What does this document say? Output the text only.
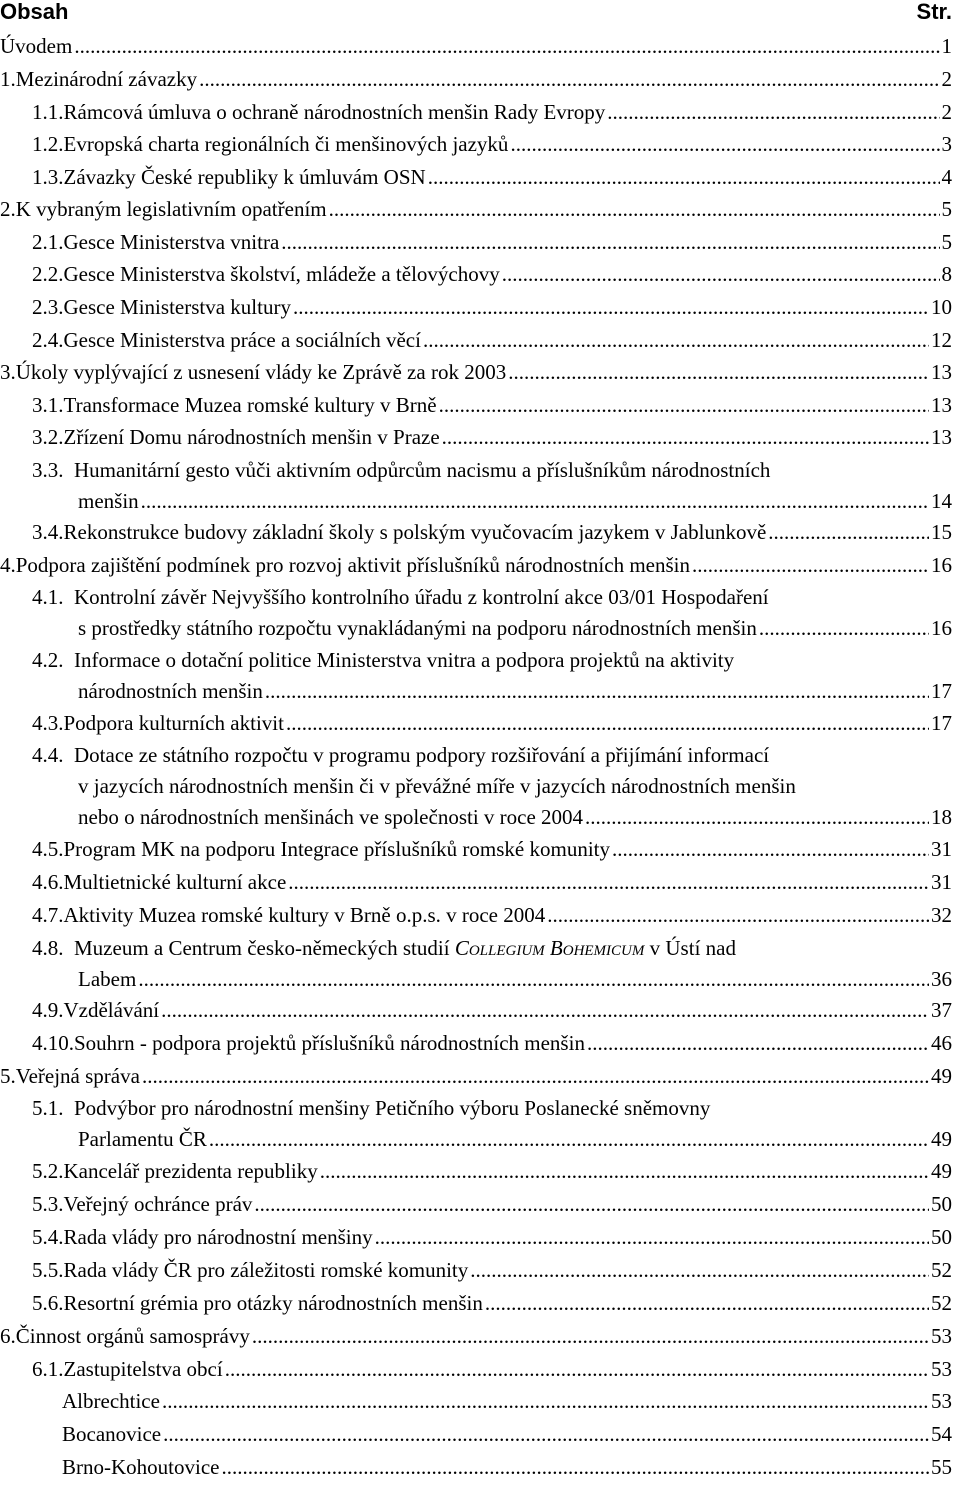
Obsah	Str.
Úvodem .....	1
1. Mezinárodní závazky .....	2
1.1. Rámcová úmluva o ochraně národnostních menšin Rady Evropy .....	2
1.2. Evropská charta regionálních či menšinových jazyků .....	3
1.3. Závazky České republiky k úmluvám OSN .....	4
2. K vybraným legislativním opatřením .....	5
2.1. Gesce Ministerstva vnitra .....	5
2.2. Gesce Ministerstva školství, mládeže a tělovýchovy .....	8
2.3. Gesce Ministerstva kultury .....	10
2.4. Gesce Ministerstva práce a sociálních věcí .....	12
3. Úkoly vyplývající z usnesení vlády ke Zprávě za rok 2003 .....	13
3.1. Transformace Muzea romské kultury v Brně .....	13
3.2. Zřízení Domu národnostních menšin v Praze .....	13
3.3. Humanitární gesto vůči aktivním odpůrcům nacismu a příslušníkům národnostních
menšin .....	14
3.4. Rekonstrukce budovy základní školy s polským vyučovacím jazykem v Jablunkově .....	15
4. Podpora zajištění podmínek pro rozvoj aktivit příslušníků národnostních menšin .....	16
4.1. Kontrolní závěr Nejvyššího kontrolního úřadu z kontrolní akce 03/01 Hospodaření
s prostředky státního rozpočtu vynakládanými na podporu národnostních menšin .....	16
4.2. Informace o dotační politice Ministerstva vnitra a podpora projektů na aktivity
národnostních menšin .....	17
4.3. Podpora kulturních aktivit .....	17
4.4. Dotace ze státního rozpočtu v programu podpory rozšiřování a přijímání informací
v jazycích národnostních menšin či v převážné míře v jazycích národnostních menšin
nebo o národnostních menšinách ve společnosti v roce 2004 .....	18
4.5. Program MK na podporu Integrace příslušníků romské komunity .....	31
4.6. Multietnické kulturní akce .....	31
4.7. Aktivity Muzea romské kultury v Brně o.p.s. v roce 2004 .....	32
4.8. Muzeum a Centrum česko-německých studií Collegium Bohemicum v Ústí nad
Labem .....	36
4.9. Vzdělávání .....	37
4.10. Souhrn - podpora projektů příslušníků národnostních menšin .....	46
5. Veřejná správa .....	49
5.1. Podvýbor pro národnostní menšiny Petičního výboru Poslanecké sněmovny
Parlamentu ČR .....	49
5.2. Kancelář prezidenta republiky .....	49
5.3. Veřejný ochránce práv .....	50
5.4. Rada vlády pro národnostní menšiny .....	50
5.5. Rada vlády ČR pro záležitosti romské komunity .....	52
5.6. Resortní grémia pro otázky národnostních menšin .....	52
6. Činnost orgánů samosprávy .....	53
6.1. Zastupitelstva obcí .....	53
Albrechtice .....	53
Bocanovice .....	54
Brno-Kohoutovice .....	55
